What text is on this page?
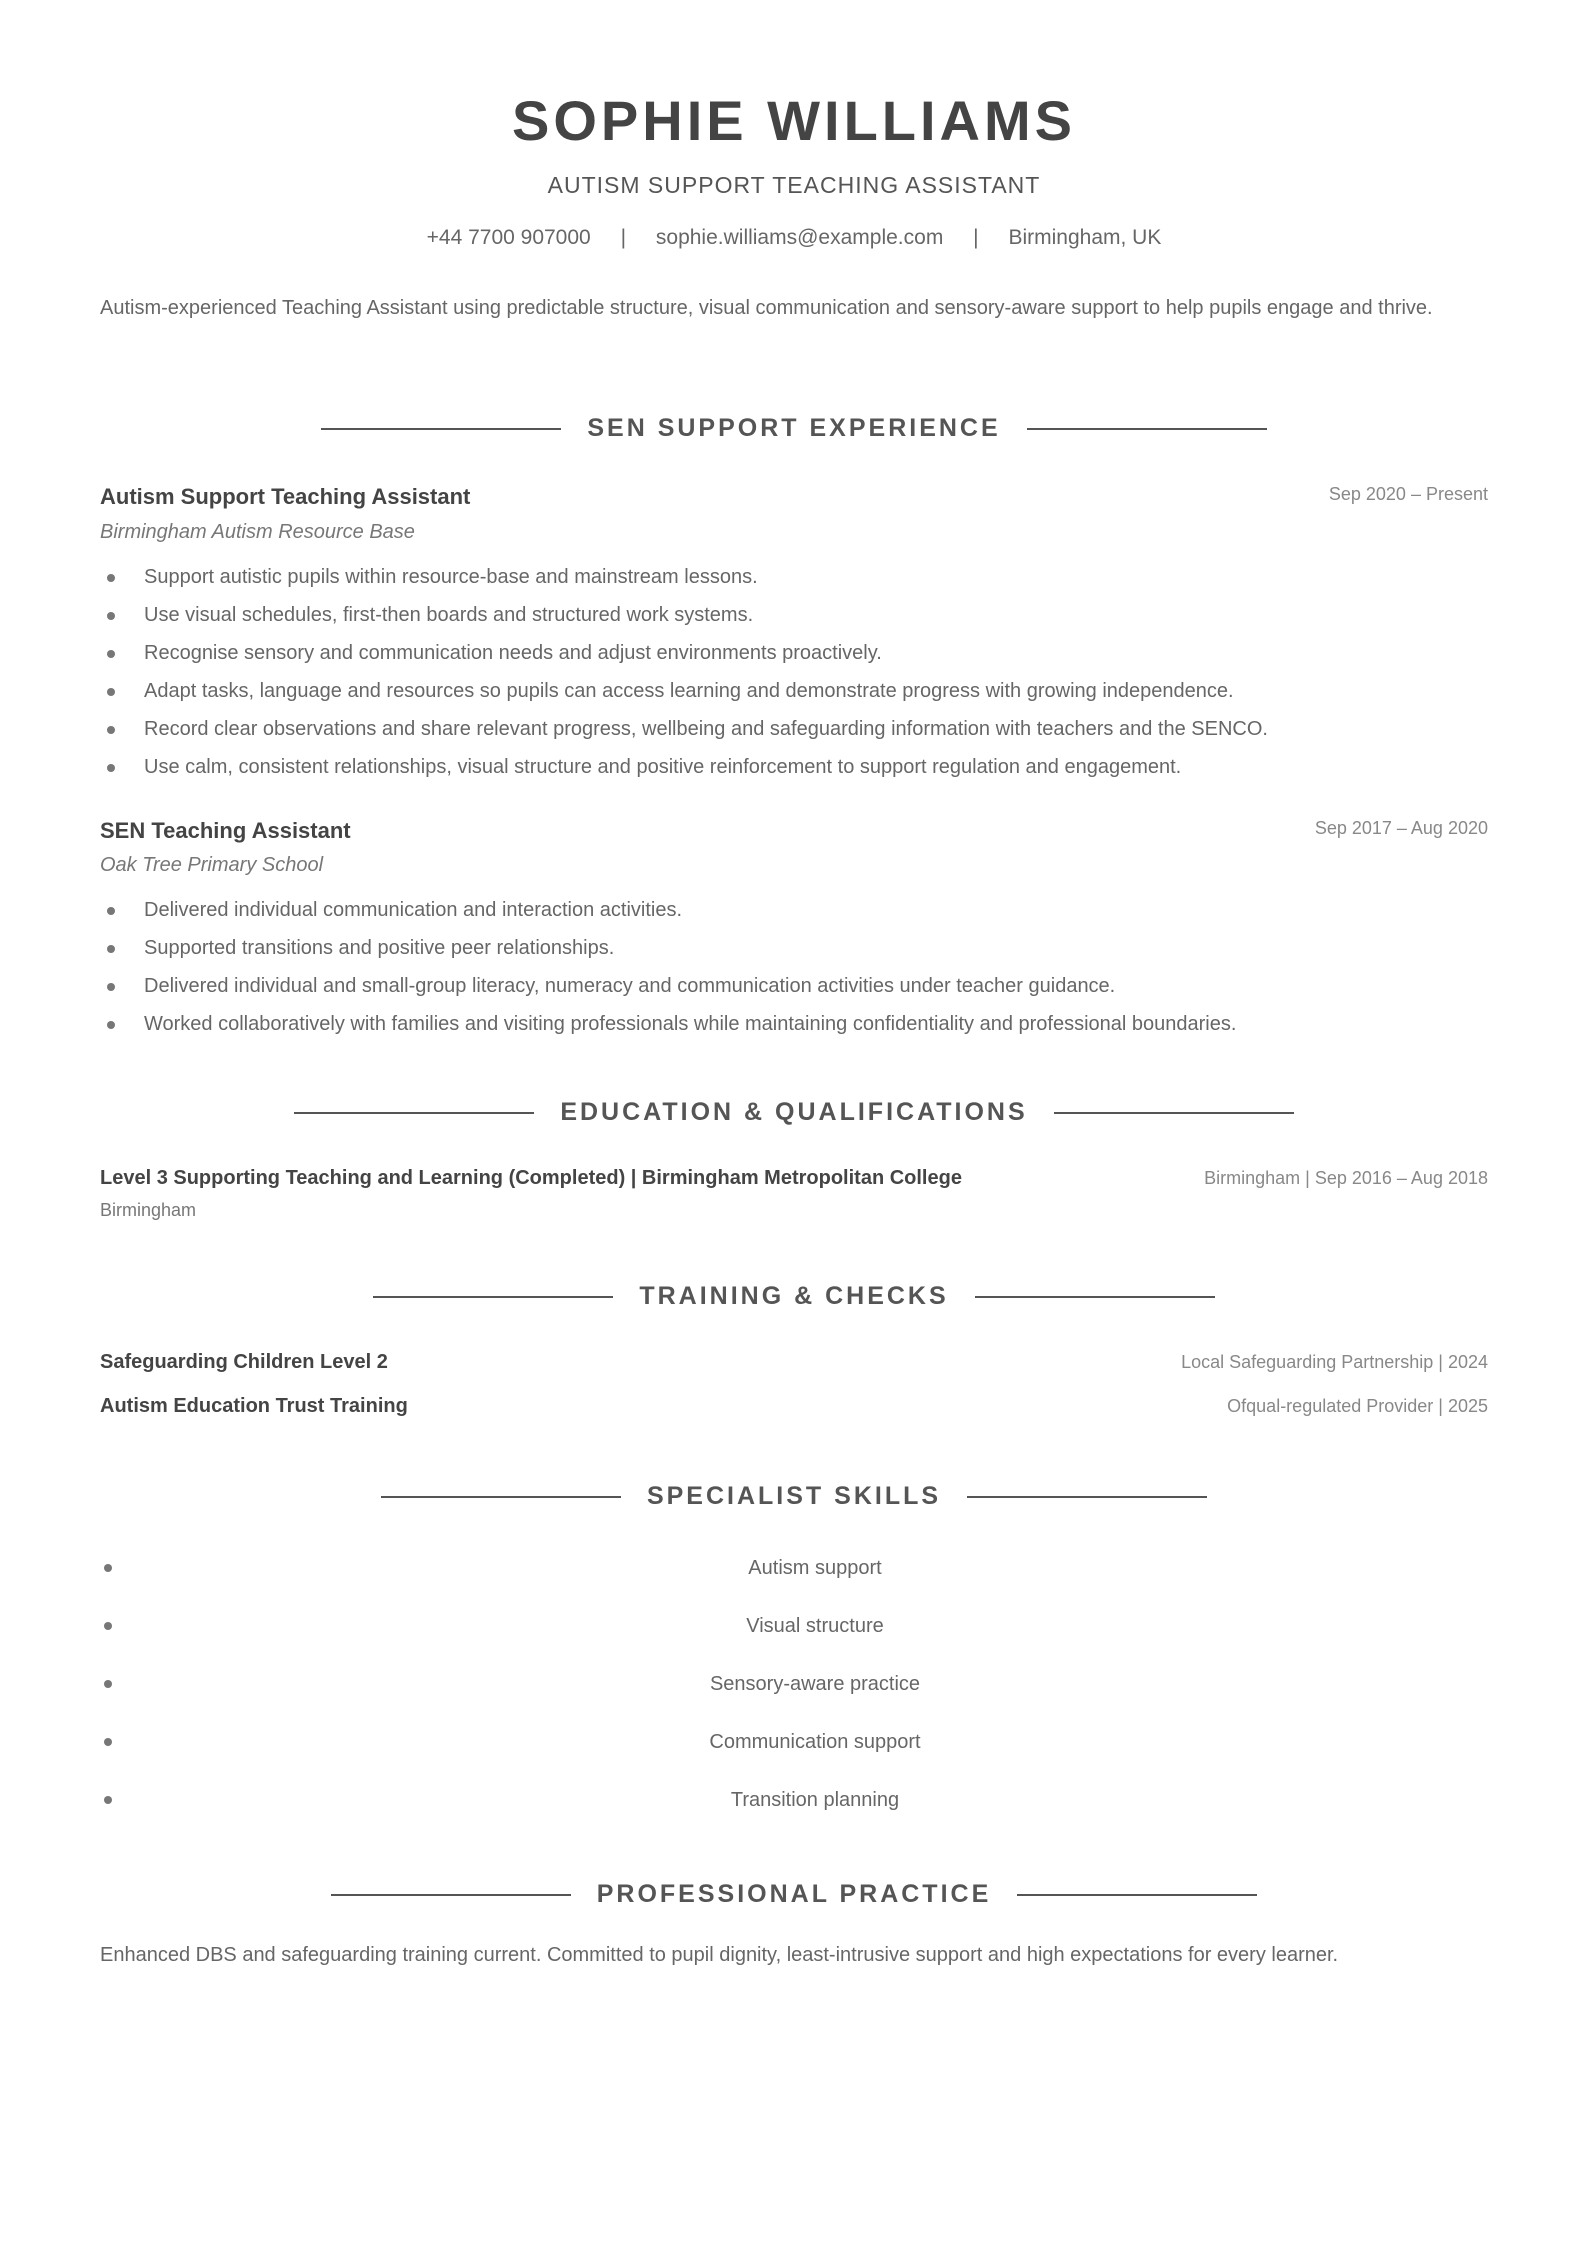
SOPHIE WILLIAMS
AUTISM SUPPORT TEACHING ASSISTANT
+44 7700 907000 | sophie.williams@example.com | Birmingham, UK
Autism-experienced Teaching Assistant using predictable structure, visual communication and sensory-aware support to help pupils engage and thrive.
SEN SUPPORT EXPERIENCE
Autism Support Teaching Assistant	Sep 2020 – Present
Birmingham Autism Resource Base
Support autistic pupils within resource-base and mainstream lessons.
Use visual schedules, first-then boards and structured work systems.
Recognise sensory and communication needs and adjust environments proactively.
Adapt tasks, language and resources so pupils can access learning and demonstrate progress with growing independence.
Record clear observations and share relevant progress, wellbeing and safeguarding information with teachers and the SENCO.
Use calm, consistent relationships, visual structure and positive reinforcement to support regulation and engagement.
SEN Teaching Assistant	Sep 2017 – Aug 2020
Oak Tree Primary School
Delivered individual communication and interaction activities.
Supported transitions and positive peer relationships.
Delivered individual and small-group literacy, numeracy and communication activities under teacher guidance.
Worked collaboratively with families and visiting professionals while maintaining confidentiality and professional boundaries.
EDUCATION & QUALIFICATIONS
Level 3 Supporting Teaching and Learning (Completed) | Birmingham Metropolitan College	Birmingham | Sep 2016 – Aug 2018
Birmingham
TRAINING & CHECKS
Safeguarding Children Level 2	Local Safeguarding Partnership | 2024
Autism Education Trust Training	Ofqual-regulated Provider | 2025
SPECIALIST SKILLS
Autism support
Visual structure
Sensory-aware practice
Communication support
Transition planning
PROFESSIONAL PRACTICE
Enhanced DBS and safeguarding training current. Committed to pupil dignity, least-intrusive support and high expectations for every learner.
